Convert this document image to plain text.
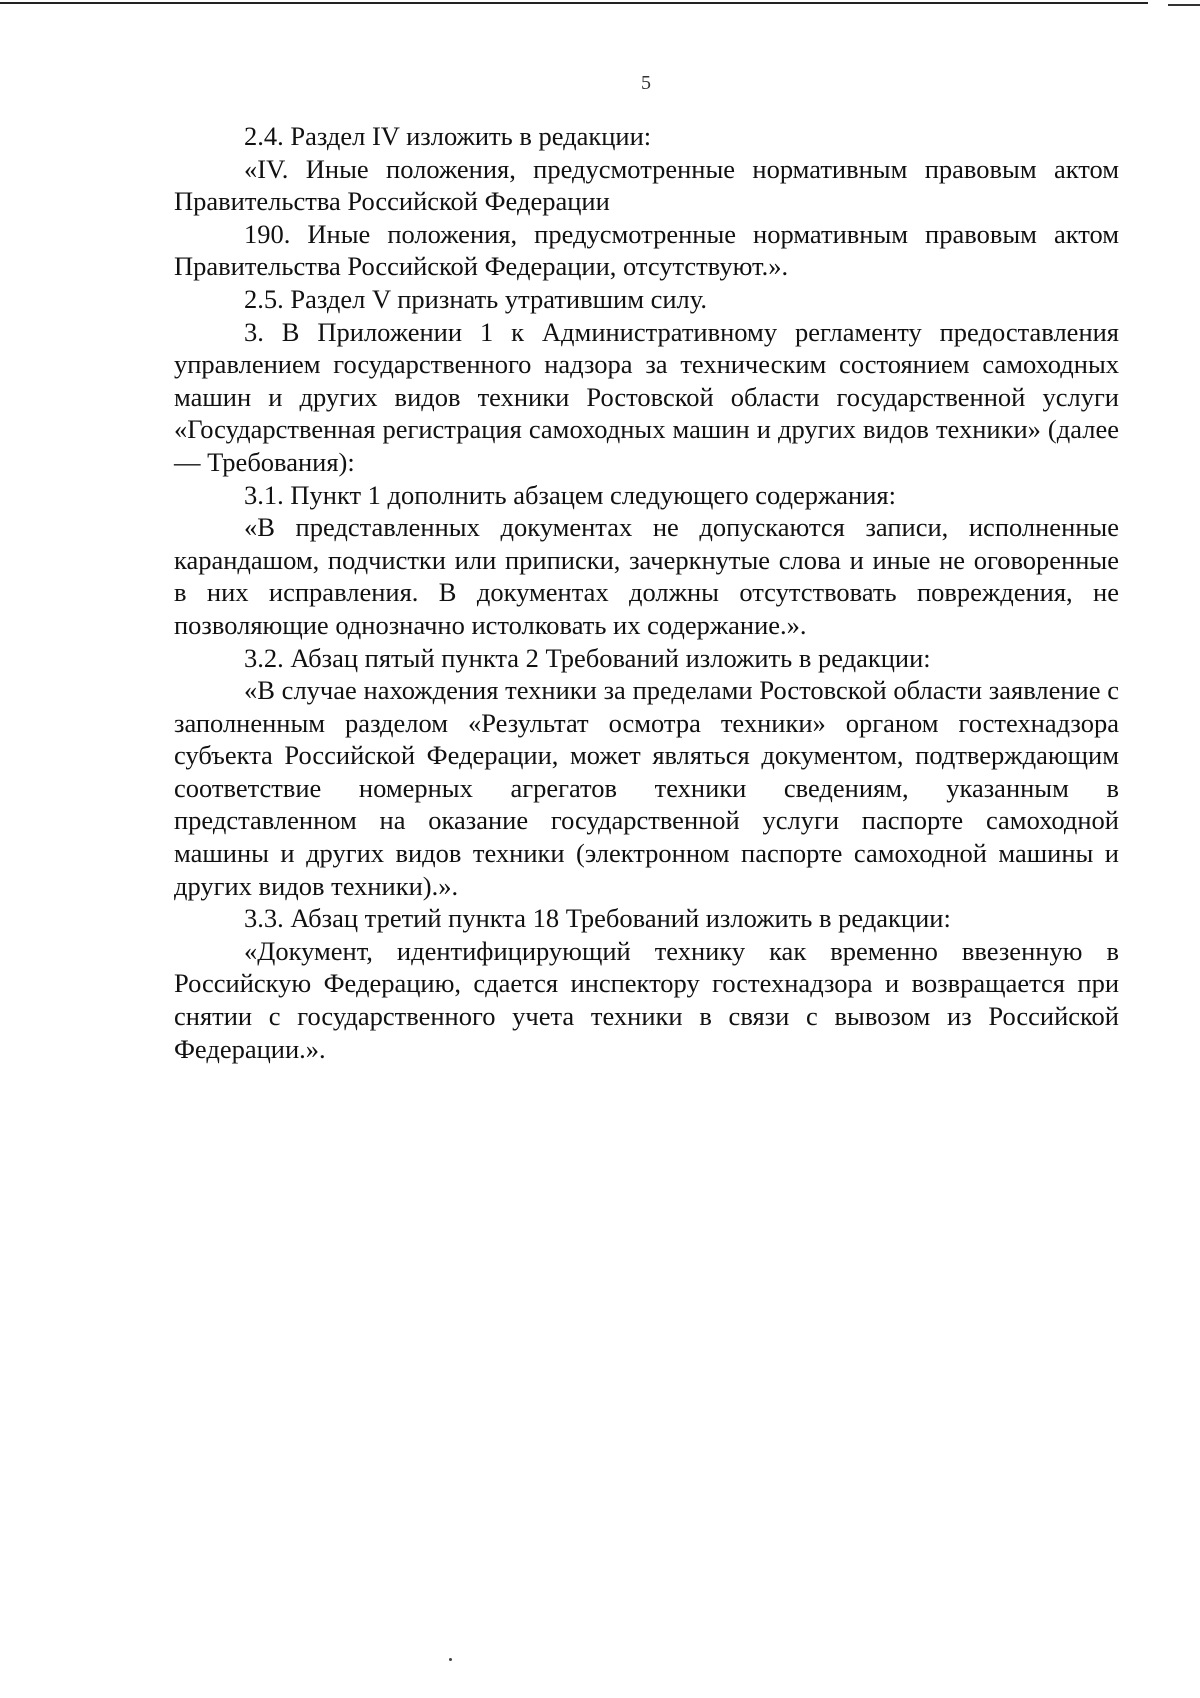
5

2.4. Раздел IV изложить в редакции:

«IV. Иные положения, предусмотренные нормативным правовым актом Правительства Российской Федерации

190. Иные положения, предусмотренные нормативным правовым актом Правительства Российской Федерации, отсутствуют.».

2.5. Раздел V признать утратившим силу.

3. В Приложении 1 к Административному регламенту предоставления управлением государственного надзора за техническим состоянием самоходных машин и других видов техники Ростовской области государственной услуги «Государственная регистрация самоходных машин и других видов техники» (далее — Требования):

3.1. Пункт 1 дополнить абзацем следующего содержания:

«В представленных документах не допускаются записи, исполненные карандашом, подчистки или приписки, зачеркнутые слова и иные не оговоренные в них исправления. В документах должны отсутствовать повреждения, не позволяющие однозначно истолковать их содержание.».

3.2. Абзац пятый пункта 2 Требований изложить в редакции:

«В случае нахождения техники за пределами Ростовской области заявление с заполненным разделом «Результат осмотра техники» органом гостехнадзора субъекта Российской Федерации, может являться документом, подтверждающим соответствие номерных агрегатов техники сведениям, указанным в представленном на оказание государственной услуги паспорте самоходной машины и других видов техники (электронном паспорте самоходной машины и других видов техники).».

3.3. Абзац третий пункта 18 Требований изложить в редакции:

«Документ, идентифицирующий технику как временно ввезенную в Российскую Федерацию, сдается инспектору гостехнадзора и возвращается при снятии с государственного учета техники в связи с вывозом из Российской Федерации.».
